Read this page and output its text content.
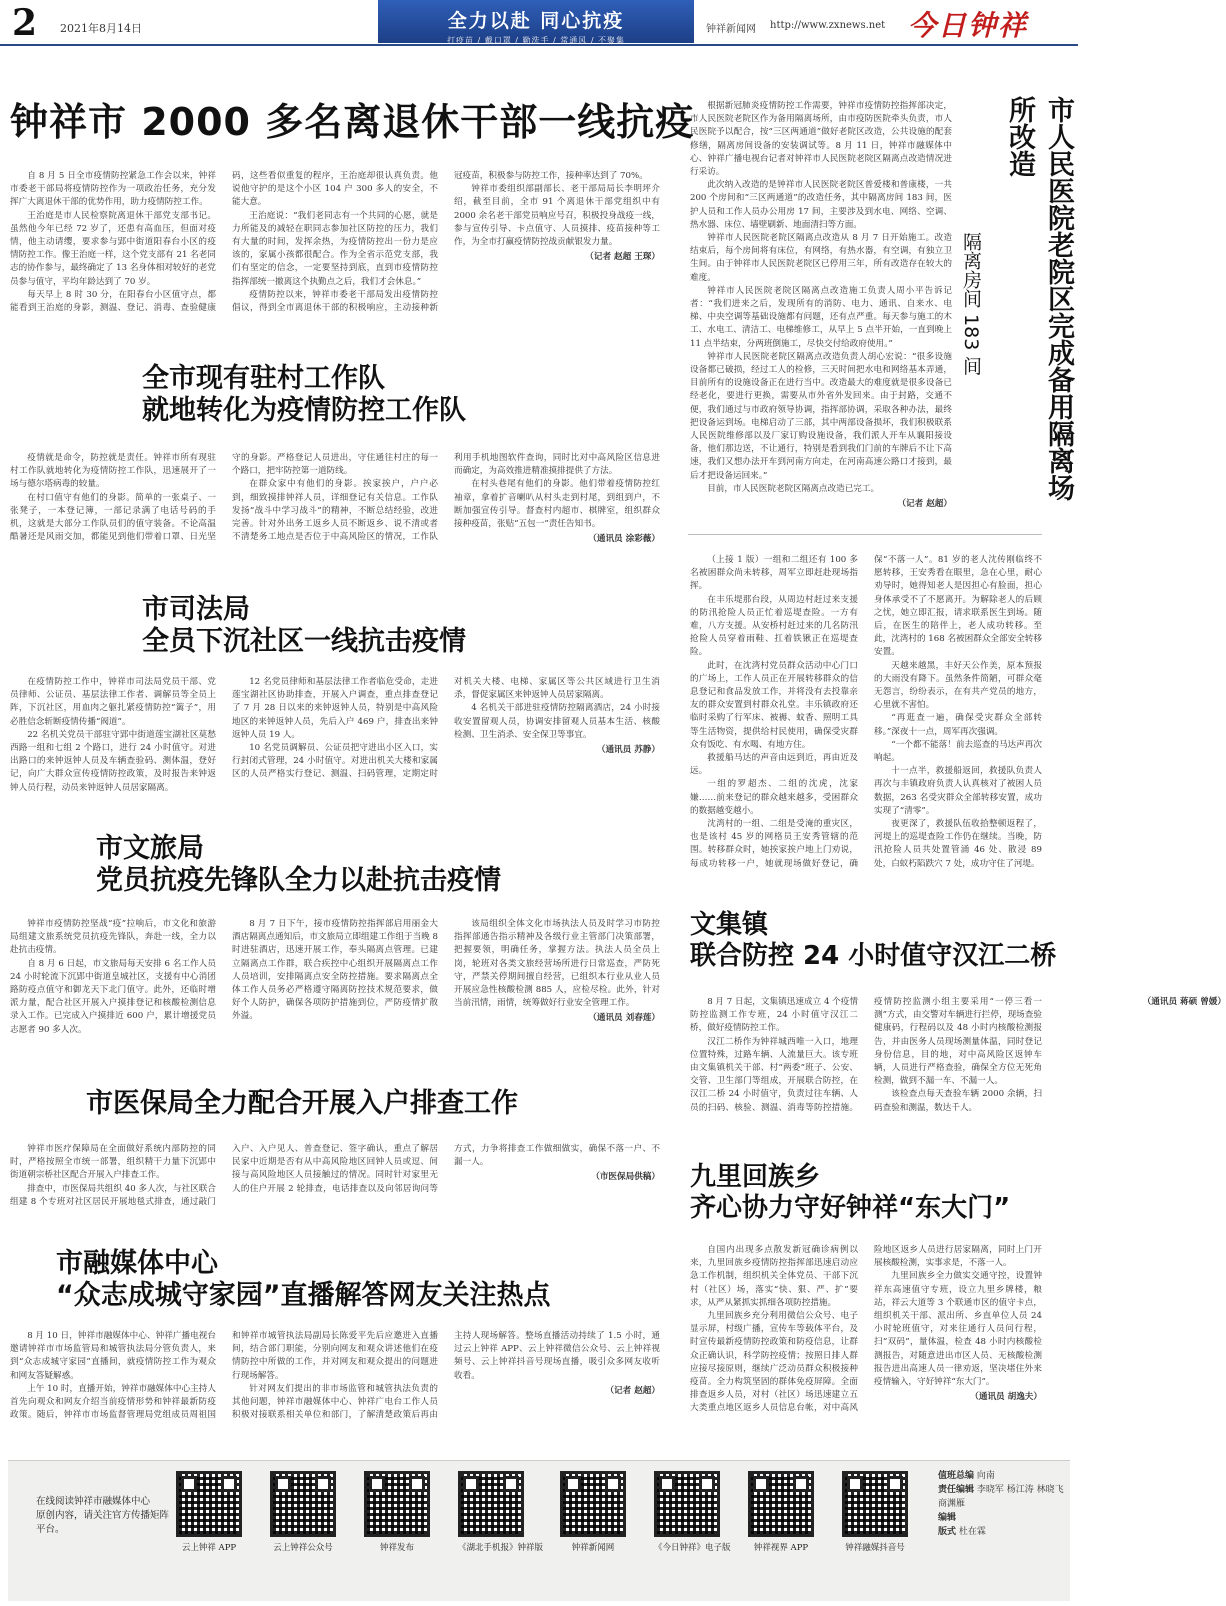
2 2021年8月14日	全力以赴 同心抗疫
打疫苗 / 戴口罩 / 勤洗手 / 常通风 / 不聚集
钟祥新闻网 http://www.zxnews.net 今日钟祥
钟祥市 2000 多名离退休干部一线抗疫

自 8 月 5 日全市疫情防控紧急工作会以来，钟祥市委老干部局将疫情防控作为一项政治任务，充分发挥广大离退休干部的优势作用，助力疫情防控工作。

王治庭是市人民检察院离退休干部党支部书记。虽然他今年已经 72 岁了，还患有高血压，但面对疫情，他主动请缨，要求参与郢中街道阳春台小区的疫情防控工作。像王治庭一样，这个党支部有 21 名老同志的协作参与，最终确定了 13 名身体相对较好的老党员参与值守，平均年龄达到了 70 岁。

每天早上 8 时 30 分，在阳春台小区值守点，都能看到王治庭的身影，测温、登记、消毒、查验健康码，这些看似重复的程序，王治庭却很认真负责。他说他守护的是这个小区 104 户 300 多人的安全，不能大意。

王治庭说：“我们老同志有一个共同的心愿，就是力所能及的减轻在职同志参加社区防控的压力，我们有大量的时间，发挥余热，为疫情防控出一份力是应该的，家属小孩都很配合。作为全省示范党支部，我们有坚定的信念，一定要坚持到底，直到市疫情防控指挥部统一撤离这个执勤点之后，我们才会休息。”

疫情防控以来，钟祥市委老干部局发出疫情防控倡议，得到全市离退休干部的积极响应，主动接种新冠疫苗，积极参与防控工作，接种率达到了 70%。

钟祥市委组织部副部长、老干部局局长李明坪介绍，截至目前，全市 91 个离退休干部党组织中有 2000 余名老干部党员响应号召，积极投身战疫一线，参与宣传引导、卡点值守、人员摸排、疫苗接种等工作，为全市打赢疫情防控战贡献银发力量。

（记者 赵超 王琛）
全市现有驻村工作队
就地转化为疫情防控工作队

疫情就是命令，防控就是责任。钟祥市所有现驻村工作队就地转化为疫情防控工作队，迅速展开了一场与德尔塔病毒的较量。

在村口值守有他们的身影。简单的一张桌子、一张凳子，一本登记簿，一部记录满了电话号码的手机，这就是大部分工作队员们的值守装备。不论高温酷暑还是风雨交加，都能见到他们带着口罩、日光坚守的身影。严格登记人员进出，守住通往村庄的每一个路口，把牢防控第一道防线。

在群众家中有他们的身影。挨家挨户，户户必到，细致摸排钟祥人员，详细登记有关信息。工作队发扬“战斗中学习战斗”的精神，不断总结经验，改进完善。针对外出务工返乡人员不断返乡、说不清或者不清楚务工地点是否位于中高风险区的情况，工作队利用手机地图软件查询，同时比对中高风险区信息进而确定，为高效推进精准摸排提供了方法。

在村头巷尾有他们的身影。他们带着疫情防控红袖章，拿着扩音喇叭从村头走到村尾，到组到户，不断加强宣传引导。督查村内超市、棋牌室，组织群众接种疫苗，张贴“五包一”责任告知书。

（通讯员 涂彩薇）
市司法局
全员下沉社区一线抗击疫情

在疫情防控工作中，钟祥市司法局党员干部、党员律师、公证员、基层法律工作者、调解员等全员上阵，下沉社区，用血肉之躯扎紧疫情防控“篱子”，用必胜信念斩断疫情传播“阀道”。

22 名机关党员干部驻守郢中街道莲宝湖社区莫愁西路一组和七组 2 个路口，进行 24 小时值守。对进出路口的来钟返钟人员及车辆查验码、测体温，登好记，向广大群众宣传疫情防控政策，及时报告来钟返钟人员行程，动员来钟返钟人员居家隔离。

12 名党员律师和基层法律工作者临危受命，走进莲宝湖社区协助排查，开展入户调查，重点排查登记了 7 月 28 日以来的来钟返钟人员，特别是中高风险地区的来钟返钟人员，先后入户 469 户，排查出来钟返钟人员 19 人。

10 名党员调解员、公证员把守进出小区入口，实行封闭式管理，24 小时值守。对进出机关大楼和家属区的人员严格实行登记、测温、扫码管理，定期定时对机关大楼、电梯、家属区等公共区域进行卫生消杀，督促家属区来钟返钟人员居家隔离。

4 名机关干部进驻疫情防控隔离酒店，24 小时接收安置留观人员，协调安排留观人员基本生活、核酸检测、卫生消杀、安全保卫等事宜。

（通讯员 苏静）
市文旅局
党员抗疫先锋队全力以赴抗击疫情

钟祥市疫情防控坚战“疫”拉响后，市文化和旅游局组建文旅系统党员抗疫先锋队，奔赴一线，全力以赴抗击疫情。

自 8 月 6 日起，市文旅局每天安排 6 名工作人员 24 小时轮流下沉郢中街道皇城社区，支援有中心消团路防疫点值守和御龙天下北门值守。此外，还临时增派力量，配合社区开展入户摸排登记和核酸检测信息录入工作。已完成入户摸排近 600 户，累计增援党员志愿者 90 多人次。

8 月 7 日下午，接市疫情防控指挥部启用丽金大酒店隔离点通知后，市文旅局立即组建工作组于当晚 8 时进驻酒店，迅速开展工作，奉头隔离点管理。已建立隔离点工作群，联合疾控中心组织开展隔离点工作人员培训，安排隔离点安全防控措施。要求隔离点全体工作人员务必严格遵守隔离防控技术规范要求，做好个人防护，确保各项防护措施到位，严防疫情扩散外溢。

该局组织全体文化市场执法人员及时学习市防控指挥部通告指示精神及各级行业主管部门决策部署，把握要领，明确任务，掌握方法。执法人员全员上岗，轮班对各类文旅经营场所进行日常巡查，严防死守，严禁关停期间擅自经营，已组织本行业从业人员开展应急性核酸检测 885 人，应检尽检。此外，针对当前汛情，雨情，统筹做好行业安全管理工作。

（通讯员 刘春莲）
市医保局全力配合开展入户排查工作

钟祥市医疗保障局在全面做好系统内部防控的同时，严格按照全市统一部署，组织精干力量下沉郢中街道朝宗桥社区配合开展入户排查工作。

排查中，市医保局共组织 40 多人次，与社区联合组建 8 个专班对社区居民开展地毯式排查，通过敲门入户、入户见人、普查登记、签字确认，重点了解居民家中近期是否有从中高风险地区回钟人员或逗、间接与高风险地区人员接触过的情况。同时针对家里无人的住户开展 2 轮排查，电话排查以及向邻居询问等方式，力争将排查工作做细做实，确保不落一户、不漏一人。

（市医保局供稿）
市融媒体中心
“众志成城守家园”直播解答网友关注热点

8 月 10 日，钟祥市融媒体中心、钟祥广播电视台邀请钟祥市市场监管局和城管执法局分管负责人，来到“众志成城守家园”直播间，就疫情防控工作为观众和网友答疑解惑。

上午 10 时，直播开始，钟祥市融媒体中心主持人首先向观众和网友介绍当前疫情形势和钟祥最新防疫政策。随后，钟祥市市场监督管理局党组成员周祖国和钟祥市城管执法局副局长陈爱平先后应邀进入直播间，结合部门职能，分别向网友和观众讲述他们在疫情防控中所做的工作，并对网友和观众提出的问题进行现场解答。

针对网友们提出的非市场监管和城管执法负责的其他问题，钟祥市融媒体中心、钟祥广电台工作人员积极对接联系相关单位和部门，了解清楚政策后再由主持人现场解答。整场直播活动持续了 1.5 小时，通过云上钟祥 APP、云上钟祥微信公众号、云上钟祥视频号、云上钟祥抖音号现场直播，吸引众多网友收听收看。

（记者 赵超）

根据新冠肺炎疫情防控工作需要，钟祥市疫情防控指挥部决定，市人民医院老院区作为备用隔离场所，由市疫防医院牵头负责，市人民医院予以配合，按“三区两通道”做好老院区改造，公共设施的配套修缮，隔离房间设备的安装调试等。8 月 11 日，钟祥市融媒体中心、钟祥广播电视台记者对钟祥市人民医院老院区隔离点改造情况进行采访。

此次纳入改造的是钟祥市人民医院老院区普爱楼和普康楼，一共 200 个房间和“三区两通道”的改造任务，其中隔离房间 183 间，医护人员和工作人员办公用房 17 间，主要涉及到水电、网络、空调、热水器、床位、墙壁刷新、地面清扫等方面。

钟祥市人民医院老院区隔离点改造从 8 月 7 日开始施工。改造结束后，每个房间将有床位，有网络，有热水器，有空调，有独立卫生间。由于钟祥市人民医院老院区已停用三年，所有改造存在较大的难度。

钟祥市人民医院老院区隔离点改造施工负责人周小平告诉记者：“我们进来之后，发现所有的消防、电力、通讯、自来水、电梯、中央空调等基础设施都有问题，还有点严重。每天参与施工的木工、水电工、清洁工、电梯维修工，从早上 5 点半开始，一直到晚上 11 点半结束，分两班倒施工，尽快交付给政府使用。”

钟祥市人民医院老院区隔离点改造负责人胡心宏说：“很多设施设备都已破损，经过工人的检修，三天时间把水电和网络基本弄通，目前所有的设施设备正在进行当中。改造最大的难度就是很多设备已经老化，要进行更换，需要从市外省外发回来。由于封路，交通不便，我们通过与市政府领导协调，指挥部协调，采取各种办法，最终把设备运到场。电梯启动了三部，其中两部设备损坏，我们积极联系人民医院维修部以及厂家订购设施设备，我们派人开车从襄阳接设备，他们那边送，不让通行，特别是看到我们门前的车牌后不让下高速，我们又想办法开车到河南方向走，在河南高速公路口才接到，最后才把设备运回来。”

目前，市人民医院老院区隔离点改造已完工。

（记者 赵超）
隔离房间 183 间	市人民医院老院区完成备用隔离场所改造

（上接 1 版）一组和二组还有 100 多名被困群众尚未转移，周军立即赶赴现场指挥。

在丰乐堤那台段，从周边村赶过来支援的防汛抢险人员正忙着巡堤查险。一方有难，八方支援。从安桥村赶过来的几名防汛抢险人员穿着雨鞋、扛着铁锹正在巡堤查险。

此时，在沈湾村党员群众活动中心门口的广场上，工作人员正在开展转移群众的信息登记和食品发放工作，并将没有去投靠亲友的群众安置到村群众礼堂。丰乐镇政府还临时采购了行军床、被褥、蚊香、照明工具等生活物资，提供给村民使用，确保受灾群众有饭吃、有水喝、有地方住。

救援船马达的声音由远到近，再由近及远。

一组的罗超杰、二组的沈虎，沈家嫌……前来登记的群众越来越多，受困群众的数据越变越小。

沈湾村的一组、二组是受淹的重灾区，也是该村 45 岁的网格员王安秀管辖的范围。转移群众时，她挨家挨户地上门劝说，每成功转移一户，她就现场做好登记，确保“不落一人”。81 岁的老人沈传刚临终不愿转移，王安秀看在眼里，急在心里，耐心劝导时，她得知老人是因担心有脸面，担心身体承受不了不愿离开。为解除老人的后顾之忧，她立即汇报，请求联系医生到场。随后，在医生的陪伴上，老人成功转移。至此，沈湾村的 168 名被困群众全部安全转移安置。

天越来越黑，丰好天公作美，原本预报的大雨没有降下。虽然条件简陋，可群众毫无怨言，纷纷表示，在有共产党员的地方，心里就不害怕。

“再逛查一遍，确保受灾群众全部转移。”深夜十一点，周军再次强调。

“一个都不能落！前去巡查的马达声再次响起。

十一点半，救援船返回，救援队负责人再次与丰镇政府负责人认真核对了被困人员数据，263 名受灾群众全部转移安置，成功实现了“清零”。

夜更深了，救援队伍收拾整顿返程了，河堤上的巡堤查险工作仍在继续。当晚，防汛抢险人员共处置管涌 46 处、散浸 89 处，白蚁朽陷跌穴 7 处，成功守住了河堤。

文集镇
联合防控 24 小时值守汉江二桥

8 月 7 日起，文集镇迅速成立 4 个疫情防控监测工作专班，24 小时值守汉江二桥，做好疫情防控工作。

汉江二桥作为钟祥城西唯一入口，地理位置特殊，过路车辆、人流量巨大。该专班由文集镇机关干部、村“两委”班子、公安、交管、卫生部门等组成，开展联合防控，在汉江二桥 24 小时值守，负责过往车辆、人员的扫码、核验、测温、消毒等防控措施。疫情防控监测小组主要采用“一停三看一测”方式，由交警对车辆进行拦停，现场查验健康码，行程码以及 48 小时内核酸检测报告，并由医务人员现场测量体温，同时登记身份信息，目的地，对中高风险区返钟车辆，人员进行严格查验，确保全方位无死角检测，做到不漏一车、不漏一人。

该检查点每天查验车辆 2000 余辆，扫码查验和测温，数达千人。

（通讯员 蒋硕 曾媛）
九里回族乡
齐心协力守好钟祥“东大门”

自国内出现多点散发新冠确诊病例以来，九里回族乡疫情防控指挥部迅速启动应急工作机制，组织机关全体党员、干部下沉村（社区）场，落实“快、狠、严、扩”要求，从严从紧抓实抓细各项防控措施。

九里回族乡充分利用微信公众号、电子显示屏，村级广播，宣传车等载体平台，及时宣传最新疫情防控政策和防疫信息，让群众正确认识，科学防控疫情；按照日排人群应接尽接原则，继续广泛动员群众积极接种疫苗。全力构筑坚固的群体免疫屏障。全面排查返乡人员，对村（社区）场迅速建立五大类重点地区返乡人员信息台帐，对中高风险地区返乡人员进行居家隔离，同时上门开展核酸检测，实事求是，不落一人。

九里回族乡全力做实交通守控，设置钟祥东高速值守专班，设立九里乡牌楼，粮站，祥云大道等 3 个联通市区的值守卡点，组织机关干部、派出所、乡直单位人员 24 小时轮班值守，对来往通行人员问行程，扫“双码”，量体温，检查 48 小时内核酸检测报告，对随意进出市区人员、无核酸检测报告进出高速人员一律劝返，坚决堵住外来疫情输入，守好钟祥“东大门”。

（通讯员 胡逸夫）
在线阅读钟祥市融媒体中心
原创内容，请关注官方传播矩阵
平台。
云上钟祥 APP	云上钟祥公众号	钟祥发布	《湖北手机报》钟祥版	钟祥新闻网	《今日钟祥》电子版	钟祥视界 APP	钟祥融媒抖音号
值班总编 向南
责任编辑 李晓军 杨江涛 林晓飞 商渊雁
编辑
版式 杜在霖
